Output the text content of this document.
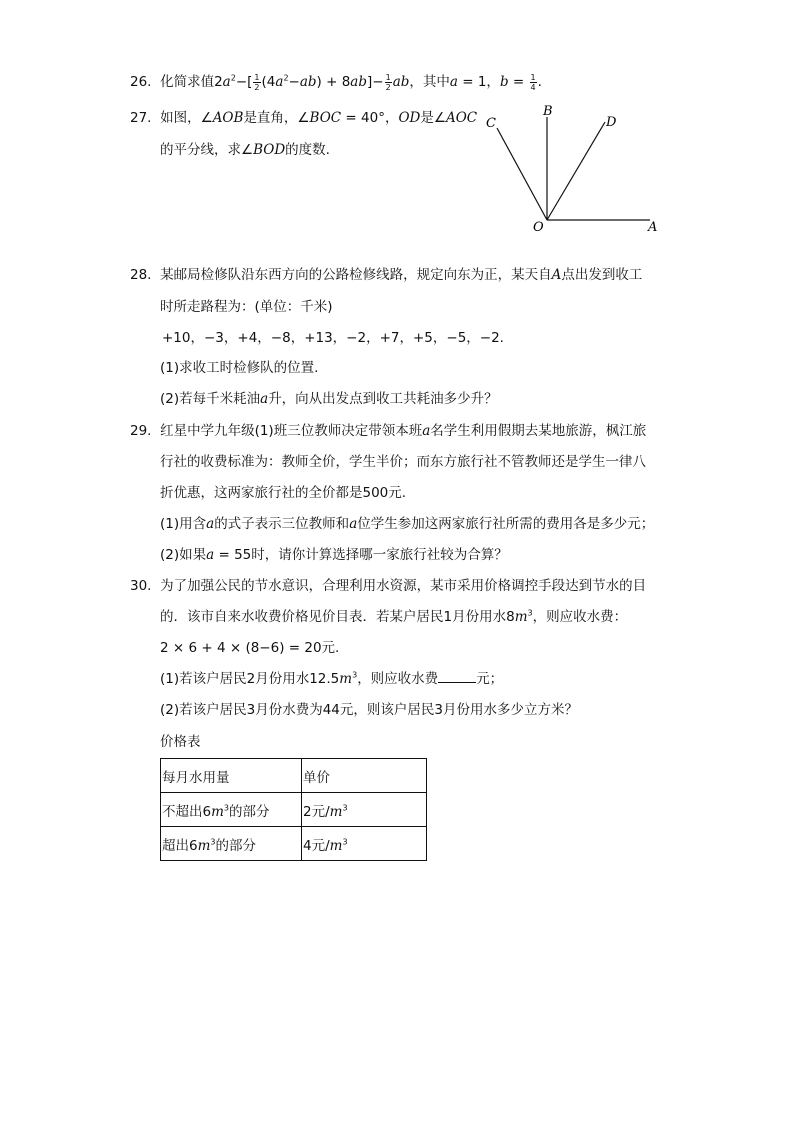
26. 化简求值$2a^2-[ \frac{1}{2} (4a^2-ab) + 8ab]- \frac{1}{2}$ ab，其中a = 1，$b = \frac{1}{4}$ .
27. 如图，∠AOB是直角，∠BOC = 40°，OD是∠AOC
的平分线，求∠BOD的度数.
C
B
D
O	A
28. 某邮局检修队沿东西方向的公路检修线路，规定向东为正，某天自A点出发到收工
时所走路程为：(单位：千米)
+10，−3，+4，−8，+13，−2，+7，+5，−5，−2.
(1)求收工时检修队的位置.
(2)若每千米耗油a升，向从出发点到收工共耗油多少升？
29. 红星中学九年级(1)班三位教师决定带领本班a名学生利用假期去某地旅游，枫江旅
行社的收费标准为：教师全价，学生半价；而东方旅行社不管教师还是学生一律八
折优惠，这两家旅行社的全价都是500元.
(1)用含a的式子表示三位教师和a位学生参加这两家旅行社所需的费用各是多少元；
(2)如果a = 55时，请你计算选择哪一家旅行社较为合算？
30. 为了加强公民的节水意识，合理利用水资源，某市采用价格调控手段达到节水的目
的．该市自来水收费价格见价目表．若某户居民1月份用水$8m^3$，则应收水费：
2 × 6 + 4 × (8−6) = 20元.
(1)若该户居民2月份用水$12.5m^3$，则应收水费	元；
(2)若该户居民3月份水费为44元，则该户居民3月份用水多少立方米？
价格表
每月水用量	单价
不超出$6m^3$的部分	2元$/m^3$
超出$6m^3$的部分	4元$/m^3$
